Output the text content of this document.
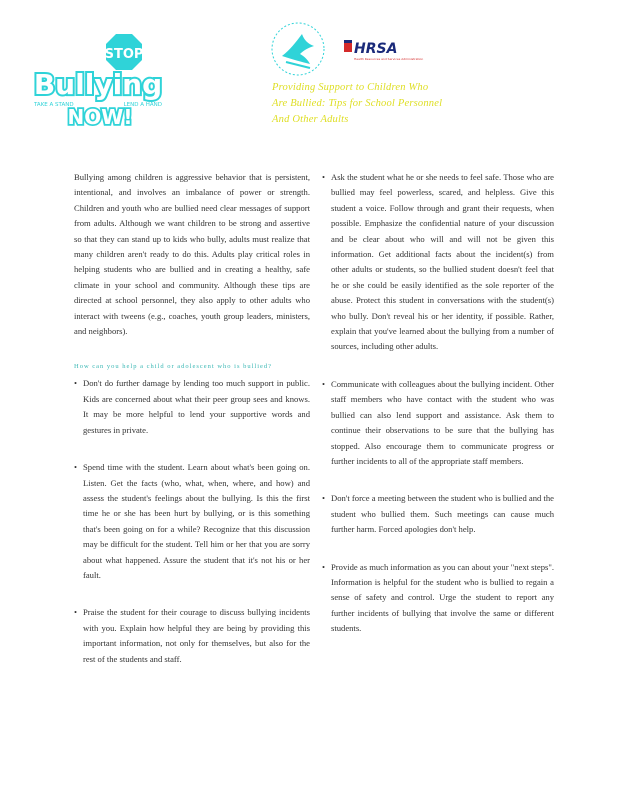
STOP
Bullying
TAKE A STAND	LEND A HAND
NOW!
HRSA
Health Resources and Services Administration
Providing Support to Children Who
Are Bullied: Tips for School Personnel
And Other Adults

Bullying among children is aggressive behavior that is persistent, intentional, and involves an imbalance of power or strength. Children and youth who are bullied need clear messages of support from adults. Although we want children to be strong and assertive so that they can stand up to kids who bully, adults must realize that many children aren't ready to do this. Adults play critical roles in helping students who are bullied and in creating a healthy, safe climate in your school and community. Although these tips are directed at school personnel, they also apply to other adults who interact with tweens (e.g., coaches, youth group leaders, ministers, and neighbors).

How can you help a child or adolescent who is bullied?
• Don't do further damage by lending too much support in public. Kids are concerned about what their peer group sees and knows. It may be more helpful to lend your supportive words and gestures in private.
• Spend time with the student. Learn about what's been going on. Listen. Get the facts (who, what, when, where, and how) and assess the student's feelings about the bullying. Is this the first time he or she has been hurt by bullying, or is this something that's been going on for a while? Recognize that this discussion may be difficult for the student. Tell him or her that you are sorry about what happened. Assure the student that it's not his or her fault.
• Praise the student for their courage to discuss bullying incidents with you. Explain how helpful they are being by providing this important information, not only for themselves, but also for the rest of the students and staff.
• Ask the student what he or she needs to feel safe. Those who are bullied may feel powerless, scared, and helpless. Give this student a voice. Follow through and grant their requests, when possible. Emphasize the confidential nature of your discussion and be clear about who will and will not be given this information. Get additional facts about the incident(s) from other adults or students, so the bullied student doesn't feel that he or she could be easily identified as the sole reporter of the abuse. Protect this student in conversations with the student(s) who bully. Don't reveal his or her identity, if possible. Rather, explain that you've learned about the bullying from a number of sources, including other adults.
• Communicate with colleagues about the bullying incident. Other staff members who have contact with the student who was bullied can also lend support and assistance. Ask them to continue their observations to be sure that the bullying has stopped. Also encourage them to communicate progress or further incidents to all of the appropriate staff members.
• Don't force a meeting between the student who is bullied and the student who bullied them. Such meetings can cause much further harm. Forced apologies don't help.
• Provide as much information as you can about your "next steps". Information is helpful for the student who is bullied to regain a sense of safety and control. Urge the student to report any further incidents of bullying that involve the same or different students.
